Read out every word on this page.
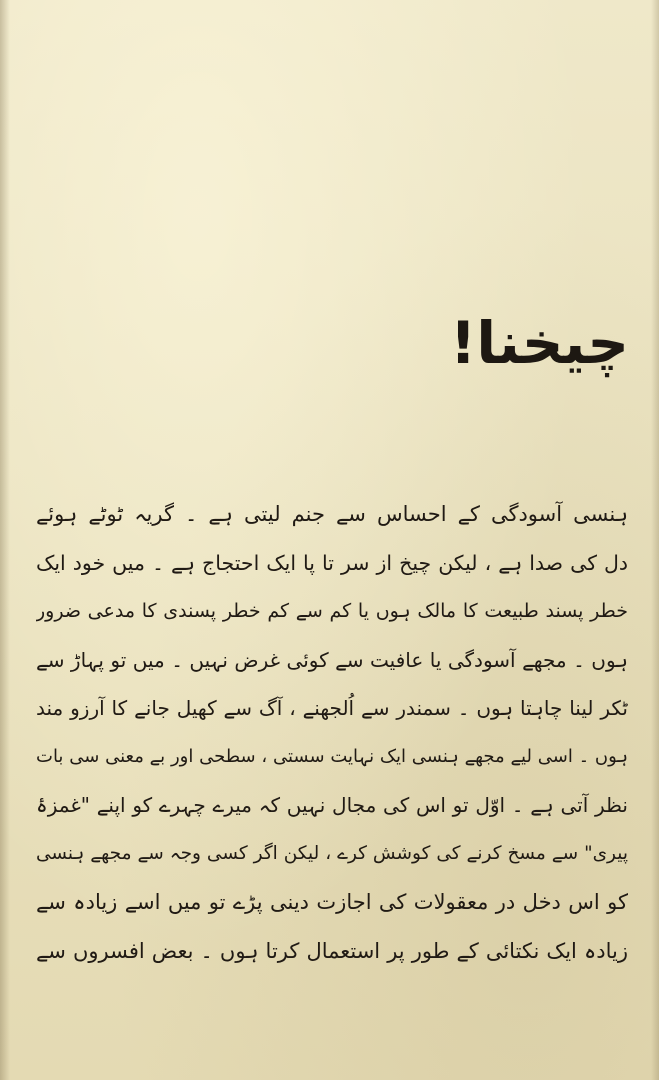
چیخنا!
ہنسی آسودگی کے احساس سے جنم لیتی ہے ۔ گریہ ٹوٹے ہوئے
دل کی صدا ہے ، لیکن چیخ از سر تا پا ایک احتجاج ہے ۔ میں خود ایک
خطر پسند طبیعت کا مالک ہوں یا کم سے کم خطر پسندی کا مدعی ضرور
ہوں ۔ مجھے آسودگی یا عافیت سے کوئی غرض نہیں ۔ میں تو پہاڑ سے
ٹکر لینا چاہتا ہوں ۔ سمندر سے اُلجھنے ، آگ سے کھیل جانے کا آرزو مند
ہوں ۔ اسی لیے مجھے ہنسی ایک نہایت سستی ، سطحی اور بے معنی سی بات
نظر آتی ہے ۔ اوّل تو اس کی مجال نہیں کہ میرے چہرے کو اپنے "غمزۂ
پیری" سے مسخ کرنے کی کوشش کرے ، لیکن اگر کسی وجہ سے مجھے ہنسی
کو اس دخل در معقولات کی اجازت دینی پڑے تو میں اسے زیادہ سے
زیادہ ایک نکتائی کے طور پر استعمال کرتا ہوں ۔ بعض افسروں سے
